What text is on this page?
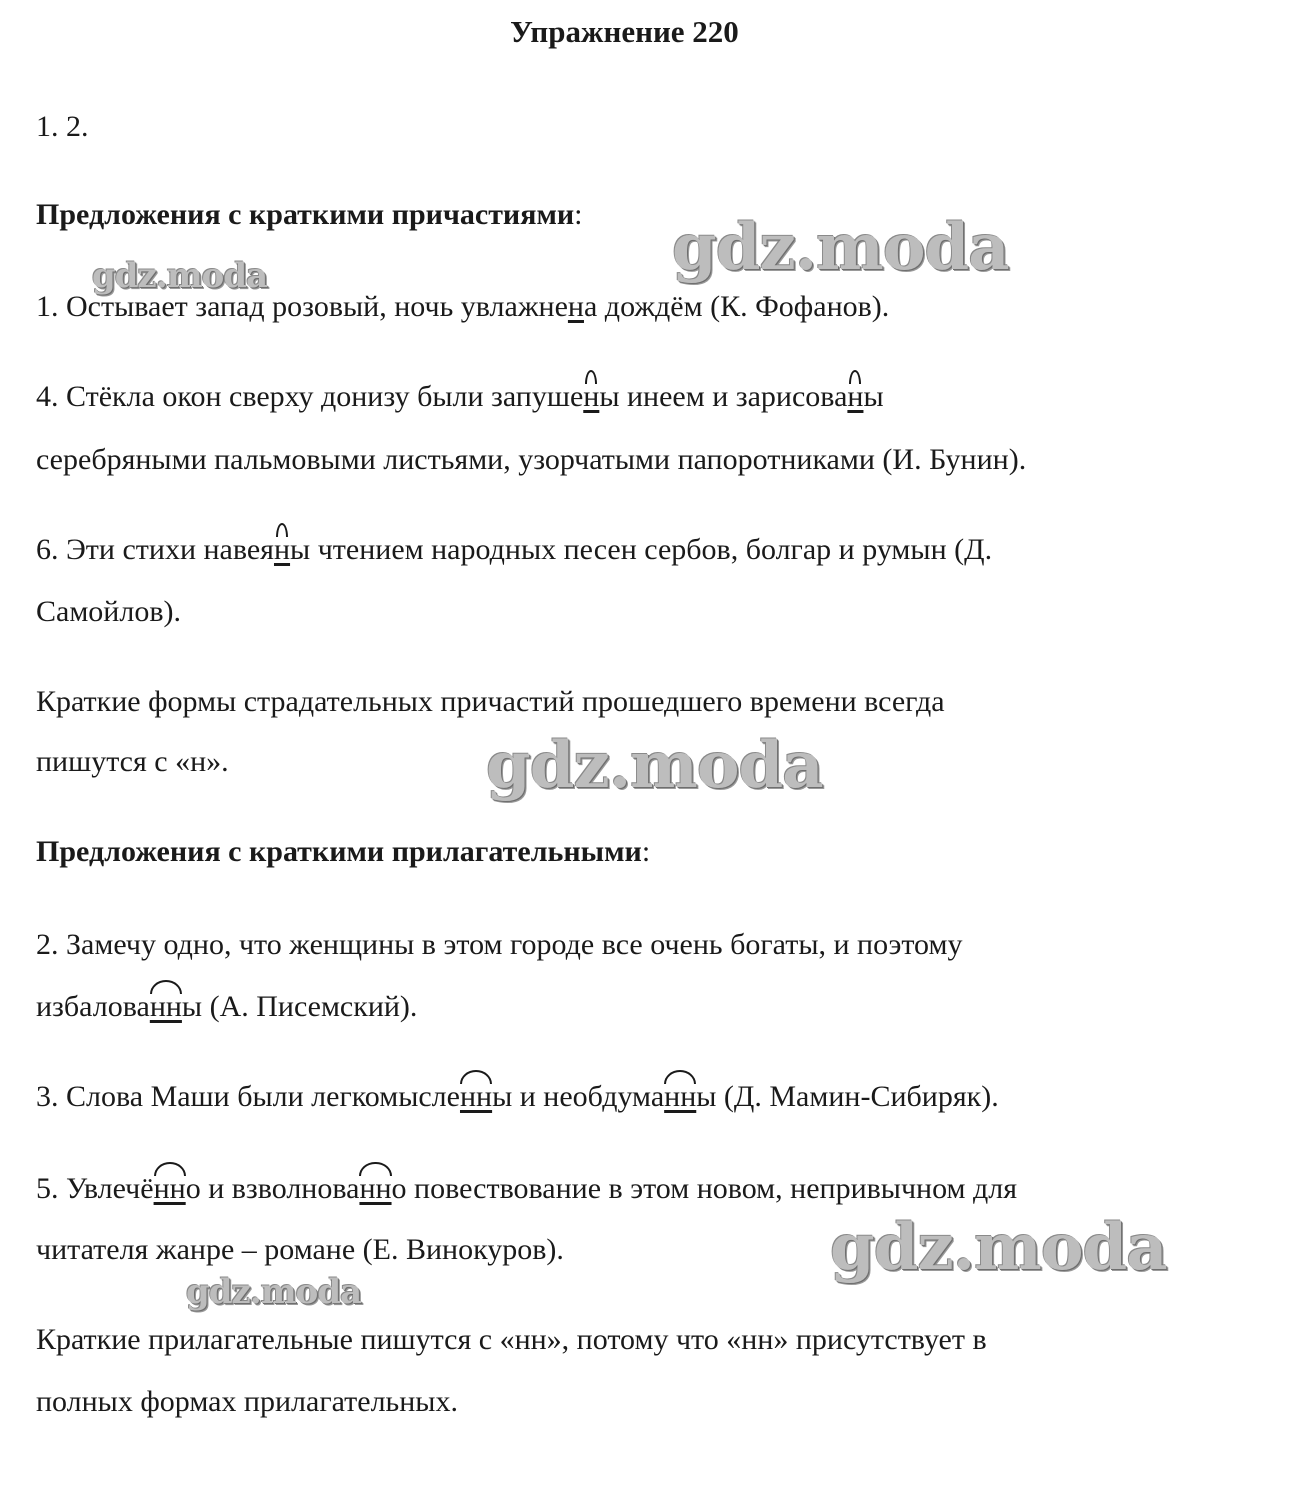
Упражнение 220
1. 2.
Предложения с краткими причастиями:
1. Остывает запад розовый, ночь увлажнена дождём (К. Фофанов).
4. Стёкла окон сверху донизу были запушены инеем и зарисованы
серебряными пальмовыми листьями, узорчатыми папоротниками (И. Бунин).
6. Эти стихи навеяны чтением народных песен сербов, болгар и румын (Д.
Самойлов).
Краткие формы страдательных причастий прошедшего времени всегда
пишутся с «н».
Предложения с краткими прилагательными:
2. Замечу одно, что женщины в этом городе все очень богаты, и поэтому
избалованны (А. Писемский).
3. Слова Маши были легкомысленны и необдуманны (Д. Мамин-Сибиряк).
5. Увлечённо и взволнованно повествование в этом новом, непривычном для
читателя жанре – романе (Е. Винокуров).
Краткие прилагательные пишутся с «нн», потому что «нн» присутствует в
полных формах прилагательных.
gdz.moda
gdz.moda
gdz.moda
gdz.moda
gdz.moda
